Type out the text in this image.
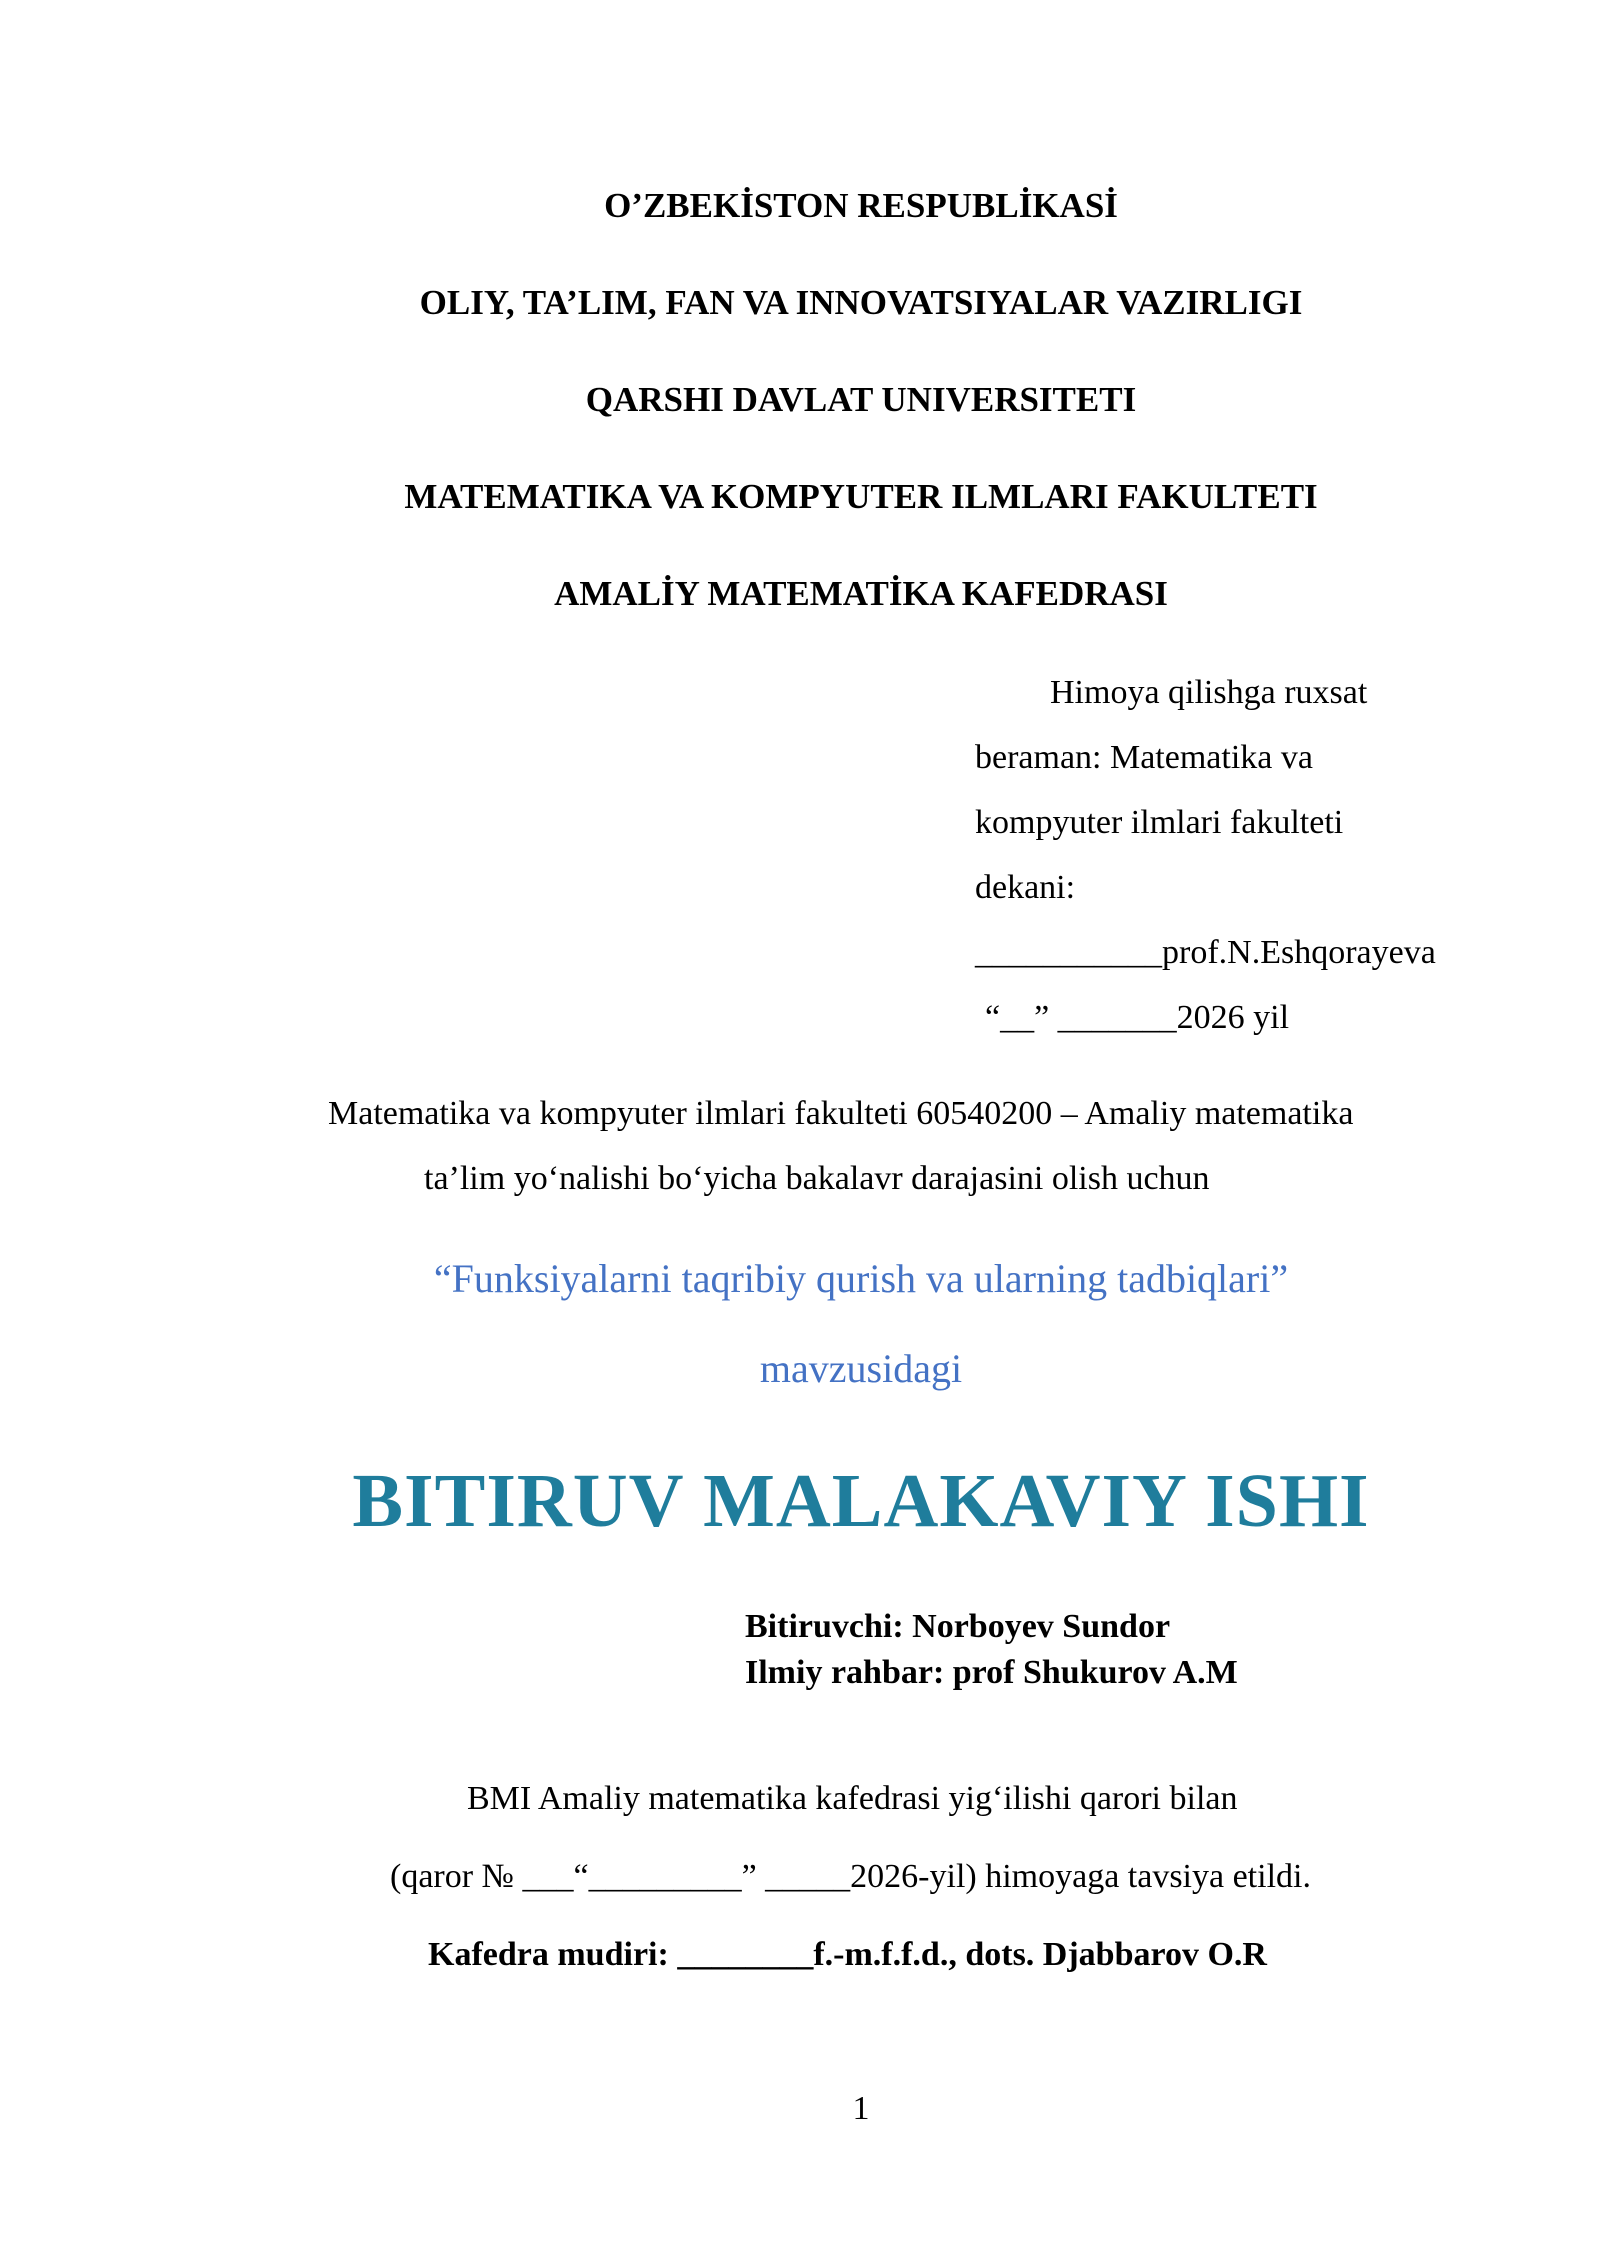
O’ZBEKİSTON RESPUBLİKASİ
OLIY, TA’LIM, FAN VA INNOVATSIYALAR VAZIRLIGI
QARSHI DAVLAT UNIVERSITETI
MATEMATIKA VA KOMPYUTER ILMLARI FAKULTETI
AMALİY MATEMATİKA KAFEDRASI
Himoya qilishga ruxsat
beraman: Matematika va
kompyuter ilmlari fakulteti
dekani:
___________prof.N.Eshqorayeva
“__” _______2026 yil
Matematika va kompyuter ilmlari fakulteti 60540200 – Amaliy matematika
ta’lim yo‘nalishi bo‘yicha bakalavr darajasini olish uchun
“Funksiyalarni taqribiy qurish va ularning tadbiqlari”
mavzusidagi
BITIRUV MALAKAVIY ISHI
Bitiruvchi: Norboyev Sundor
Ilmiy rahbar: prof Shukurov A.M
BMI Amaliy matematika kafedrasi yig‘ilishi qarori bilan
(qaror № ___“_________” _____2026-yil) himoyaga tavsiya etildi.
Kafedra mudiri: ________f.-m.f.f.d., dots. Djabbarov O.R
1
